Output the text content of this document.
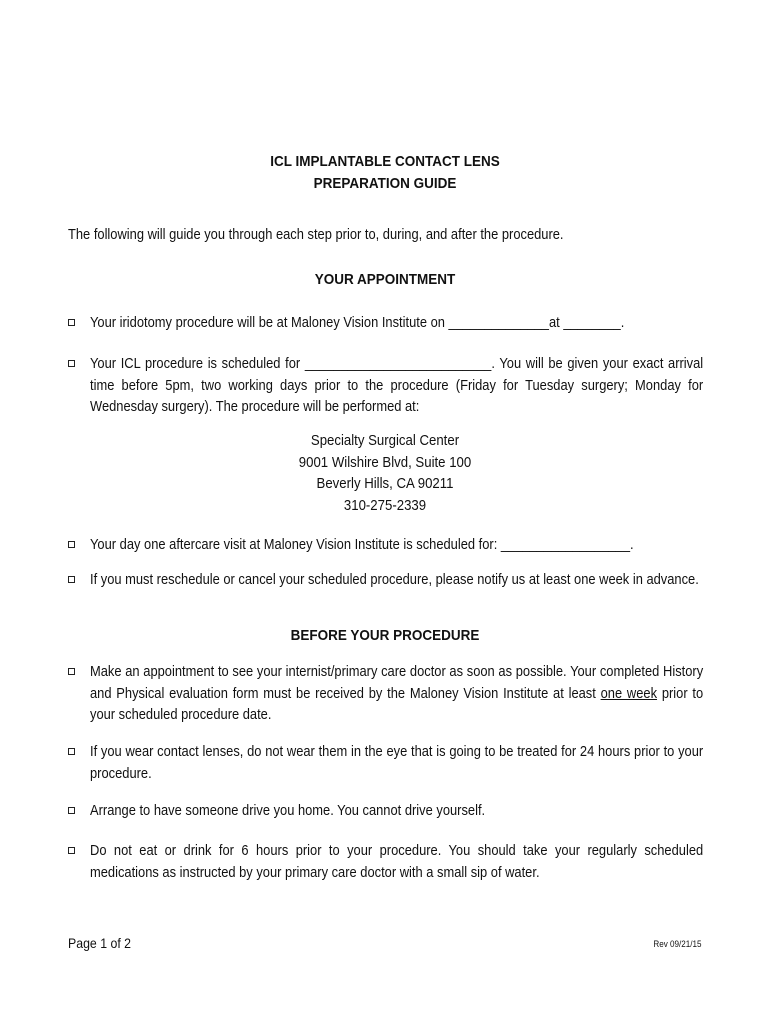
ICL IMPLANTABLE CONTACT LENS
PREPARATION GUIDE
The following will guide you through each step prior to, during, and after the procedure.
YOUR APPOINTMENT
Your iridotomy procedure will be at Maloney Vision Institute on ______________at ________.
Your ICL procedure is scheduled for __________________________. You will be given your exact arrival time before 5pm, two working days prior to the procedure (Friday for Tuesday surgery; Monday for Wednesday surgery). The procedure will be performed at:
Specialty Surgical Center
9001 Wilshire Blvd, Suite 100
Beverly Hills, CA 90211
310-275-2339
Your day one aftercare visit at Maloney Vision Institute is scheduled for: __________________.
If you must reschedule or cancel your scheduled procedure, please notify us at least one week in advance.
BEFORE YOUR PROCEDURE
Make an appointment to see your internist/primary care doctor as soon as possible. Your completed History and Physical evaluation form must be received by the Maloney Vision Institute at least one week prior to your scheduled procedure date.
If you wear contact lenses, do not wear them in the eye that is going to be treated for 24 hours prior to your procedure.
Arrange to have someone drive you home. You cannot drive yourself.
Do not eat or drink for 6 hours prior to your procedure. You should take your regularly scheduled medications as instructed by your primary care doctor with a small sip of water.
Page 1 of 2	Rev 09/21/15
